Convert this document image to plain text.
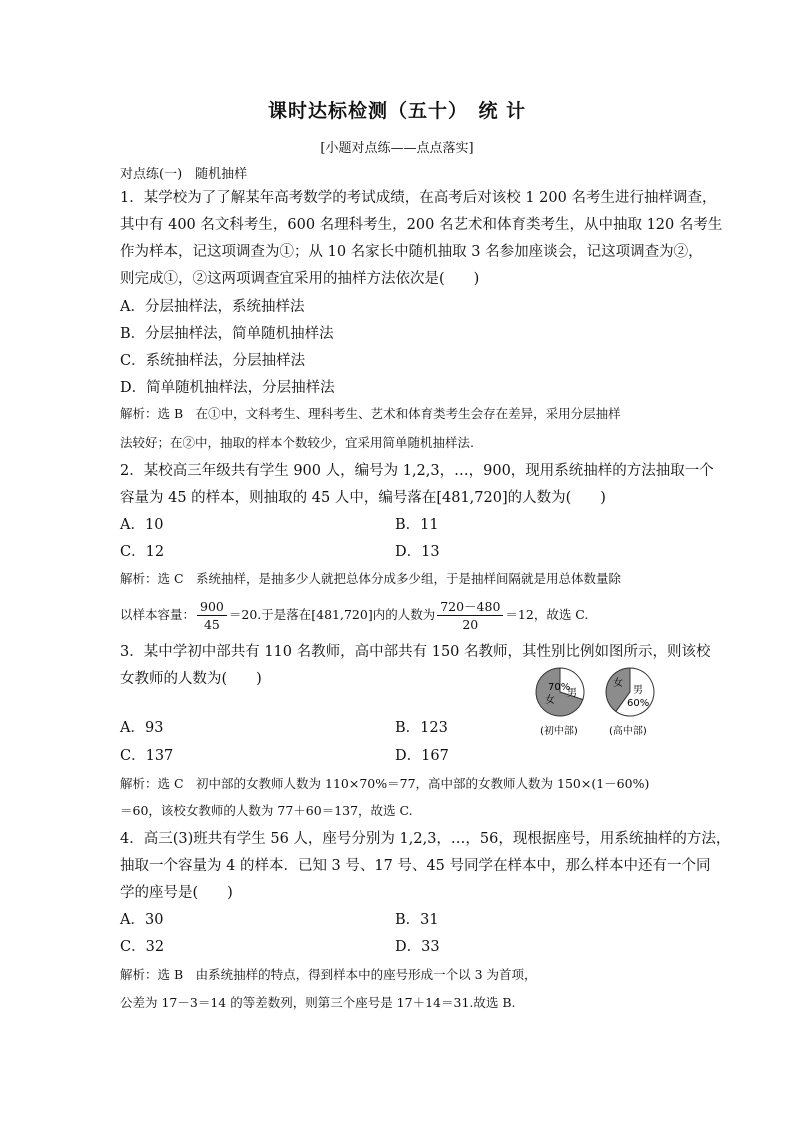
课时达标检测（五十）　统 计
[小题对点练——点点落实]
对点练(一)　随机抽样
1．某学校为了了解某年高考数学的考试成绩，在高考后对该校 1 200 名考生进行抽样调查，
其中有 400 名文科考生，600 名理科考生，200 名艺术和体育类考生，从中抽取 120 名考生
作为样本，记这项调查为①；从 10 名家长中随机抽取 3 名参加座谈会，记这项调查为②，
则完成①，②这两项调查宜采用的抽样方法依次是(　　)
A．分层抽样法，系统抽样法
B．分层抽样法，简单随机抽样法
C．系统抽样法，分层抽样法
D．简单随机抽样法，分层抽样法
解析：选 B　在①中，文科考生、理科考生、艺术和体育类考生会存在差异，采用分层抽样
法较好；在②中，抽取的样本个数较少，宜采用简单随机抽样法.
2．某校高三年级共有学生 900 人，编号为 1,2,3，…，900，现用系统抽样的方法抽取一个
容量为 45 的样本，则抽取的 45 人中，编号落在[481,720]的人数为(　　)
A．10	B．11
C．12	D．13
解析：选 C　系统抽样，是抽多少人就把总体分成多少组，于是抽样间隔就是用总体数量除
以样本容量： $\frac{900}{45} =20$.于是落在[481,720]内的人数为 $\frac{720-480}{20} =12$，故选 C.
3．某中学初中部共有 110 名教师，高中部共有 150 名教师，其性别比例如图所示，则该校
女教师的人数为(　　)
70%
女
男
(初中部)
女
男
60%
(高中部)
A．93	B．123
C．137	D．167
解析：选 C　初中部的女教师人数为 110×70%＝77，高中部的女教师人数为 150×(1－60%)
＝60，该校女教师的人数为 77＋60＝137，故选 C.
4．高三(3)班共有学生 56 人，座号分别为 1,2,3，…，56，现根据座号，用系统抽样的方法，
抽取一个容量为 4 的样本．已知 3 号、17 号、45 号同学在样本中，那么样本中还有一个同
学的座号是(　　)
A．30	B．31
C．32	D．33
解析：选 B　由系统抽样的特点，得到样本中的座号形成一个以 3 为首项，
公差为 17－3＝14 的等差数列，则第三个座号是 17＋14＝31.故选 B.
